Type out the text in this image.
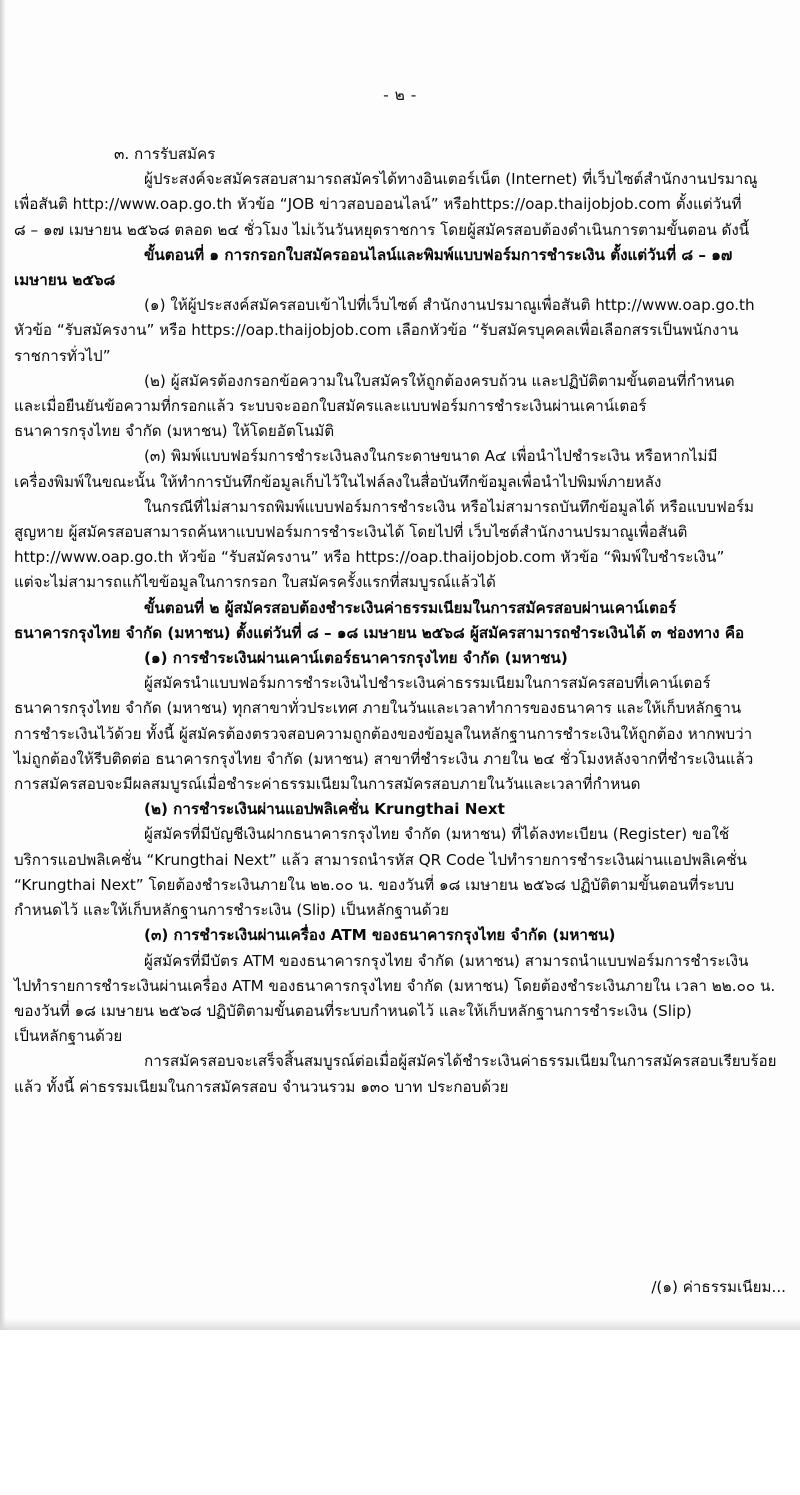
- ๒ -

๓. การรับสมัคร

ผู้ประสงค์จะสมัครสอบสามารถสมัครได้ทางอินเตอร์เน็ต (Internet) ที่เว็บไซต์สำนักงานปรมาณู

เพื่อสันติ http://www.oap.go.th หัวข้อ “JOB ข่าวสอบออนไลน์” หรือhttps://oap.thaijobjob.com ตั้งแต่วันที่

๘ – ๑๗ เมษายน ๒๕๖๘ ตลอด ๒๔ ชั่วโมง ไม่เว้นวันหยุดราชการ โดยผู้สมัครสอบต้องดำเนินการตามขั้นตอน ดังนี้

ขั้นตอนที่ ๑ การกรอกใบสมัครออนไลน์และพิมพ์แบบฟอร์มการชำระเงิน ตั้งแต่วันที่ ๘ – ๑๗

เมษายน ๒๕๖๘

(๑) ให้ผู้ประสงค์สมัครสอบเข้าไปที่เว็บไซต์ สำนักงานปรมาณูเพื่อสันติ http://www.oap.go.th

หัวข้อ “รับสมัครงาน” หรือ https://oap.thaijobjob.com เลือกหัวข้อ “รับสมัครบุคคลเพื่อเลือกสรรเป็นพนักงาน

ราชการทั่วไป”

(๒) ผู้สมัครต้องกรอกข้อความในใบสมัครให้ถูกต้องครบถ้วน และปฏิบัติตามขั้นตอนที่กำหนด

และเมื่อยืนยันข้อความที่กรอกแล้ว ระบบจะออกใบสมัครและแบบฟอร์มการชำระเงินผ่านเคาน์เตอร์

ธนาคารกรุงไทย จำกัด (มหาชน) ให้โดยอัตโนมัติ

(๓) พิมพ์แบบฟอร์มการชำระเงินลงในกระดาษขนาด A๔ เพื่อนำไปชำระเงิน หรือหากไม่มี

เครื่องพิมพ์ในขณะนั้น ให้ทำการบันทึกข้อมูลเก็บไว้ในไฟล์ลงในสื่อบันทึกข้อมูลเพื่อนำไปพิมพ์ภายหลัง

ในกรณีที่ไม่สามารถพิมพ์แบบฟอร์มการชำระเงิน หรือไม่สามารถบันทึกข้อมูลได้ หรือแบบฟอร์ม

สูญหาย ผู้สมัครสอบสามารถค้นหาแบบฟอร์มการชำระเงินได้ โดยไปที่ เว็บไซต์สำนักงานปรมาณูเพื่อสันติ

http://www.oap.go.th หัวข้อ “รับสมัครงาน” หรือ https://oap.thaijobjob.com หัวข้อ “พิมพ์ใบชำระเงิน”

แต่จะไม่สามารถแก้ไขข้อมูลในการกรอก ใบสมัครครั้งแรกที่สมบูรณ์แล้วได้

ขั้นตอนที่ ๒ ผู้สมัครสอบต้องชำระเงินค่าธรรมเนียมในการสมัครสอบผ่านเคาน์เตอร์

ธนาคารกรุงไทย จำกัด (มหาชน) ตั้งแต่วันที่ ๘ – ๑๘ เมษายน ๒๕๖๘ ผู้สมัครสามารถชำระเงินได้ ๓ ช่องทาง คือ

(๑) การชำระเงินผ่านเคาน์เตอร์ธนาคารกรุงไทย จำกัด (มหาชน)

ผู้สมัครนำแบบฟอร์มการชำระเงินไปชำระเงินค่าธรรมเนียมในการสมัครสอบที่เคาน์เตอร์

ธนาคารกรุงไทย จำกัด (มหาชน) ทุกสาขาทั่วประเทศ ภายในวันและเวลาทำการของธนาคาร และให้เก็บหลักฐาน

การชำระเงินไว้ด้วย ทั้งนี้ ผู้สมัครต้องตรวจสอบความถูกต้องของข้อมูลในหลักฐานการชำระเงินให้ถูกต้อง หากพบว่า

ไม่ถูกต้องให้รีบติดต่อ ธนาคารกรุงไทย จำกัด (มหาชน) สาขาที่ชำระเงิน ภายใน ๒๔ ชั่วโมงหลังจากที่ชำระเงินแล้ว

การสมัครสอบจะมีผลสมบูรณ์เมื่อชำระค่าธรรมเนียมในการสมัครสอบภายในวันและเวลาที่กำหนด

(๒) การชำระเงินผ่านแอปพลิเคชั่น Krungthai Next

ผู้สมัครที่มีบัญชีเงินฝากธนาคารกรุงไทย จำกัด (มหาชน) ที่ได้ลงทะเบียน (Register) ขอใช้

บริการแอปพลิเคชั่น “Krungthai Next” แล้ว สามารถนำรหัส QR Code ไปทำรายการชำระเงินผ่านแอปพลิเคชั่น

“Krungthai Next” โดยต้องชำระเงินภายใน ๒๒.๐๐ น. ของวันที่ ๑๘ เมษายน ๒๕๖๘ ปฏิบัติตามขั้นตอนที่ระบบ

กำหนดไว้ และให้เก็บหลักฐานการชำระเงิน (Slip) เป็นหลักฐานด้วย

(๓) การชำระเงินผ่านเครื่อง ATM ของธนาคารกรุงไทย จำกัด (มหาชน)

ผู้สมัครที่มีบัตร ATM ของธนาคารกรุงไทย จำกัด (มหาชน) สามารถนำแบบฟอร์มการชำระเงิน

ไปทำรายการชำระเงินผ่านเครื่อง ATM ของธนาคารกรุงไทย จำกัด (มหาชน) โดยต้องชำระเงินภายใน เวลา ๒๒.๐๐ น.

ของวันที่ ๑๘ เมษายน ๒๕๖๘ ปฏิบัติตามขั้นตอนที่ระบบกำหนดไว้ และให้เก็บหลักฐานการชำระเงิน (Slip)

เป็นหลักฐานด้วย

การสมัครสอบจะเสร็จสิ้นสมบูรณ์ต่อเมื่อผู้สมัครได้ชำระเงินค่าธรรมเนียมในการสมัครสอบเรียบร้อย

แล้ว ทั้งนี้ ค่าธรรมเนียมในการสมัครสอบ จำนวนรวม ๑๓๐ บาท ประกอบด้วย

/(๑) ค่าธรรมเนียม...
